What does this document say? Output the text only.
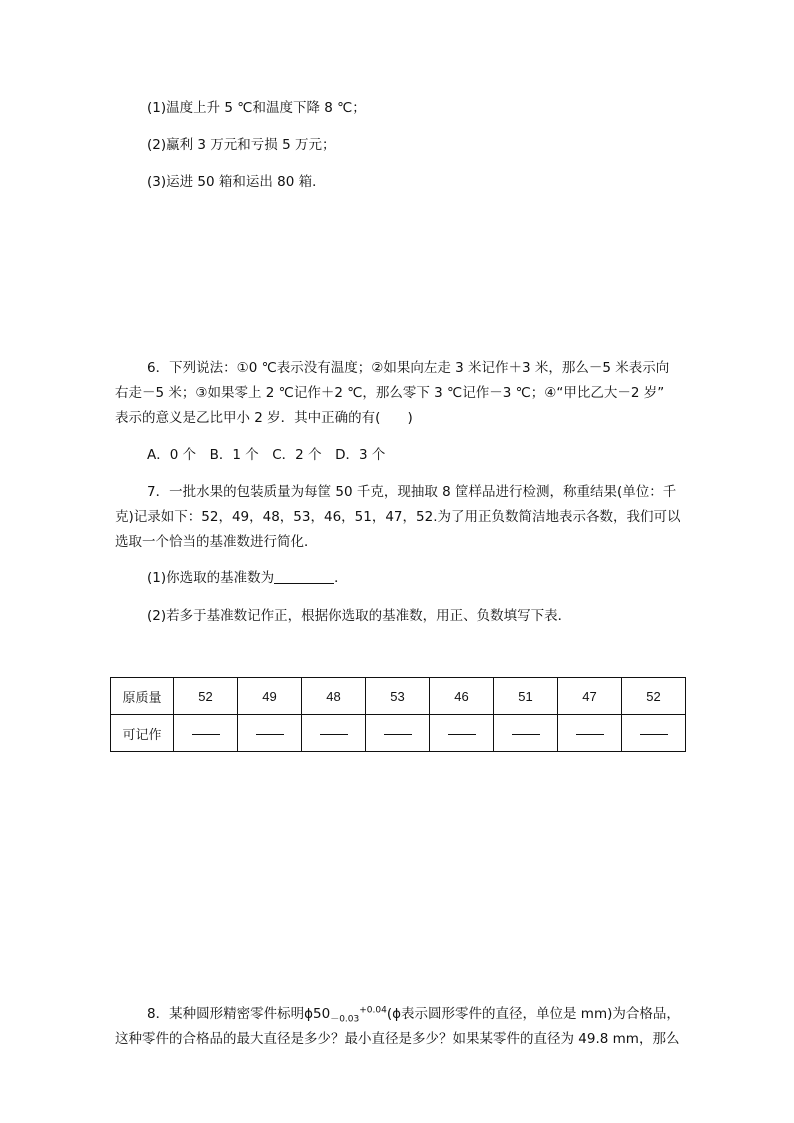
(1)温度上升 5 ℃和温度下降 8 ℃；
(2)赢利 3 万元和亏损 5 万元；
(3)运进 50 箱和运出 80 箱．
6．下列说法：①0 ℃表示没有温度；②如果向左走 3 米记作＋3 米，那么－5 米表示向
右走－5 米；③如果零上 2 ℃记作＋2 ℃，那么零下 3 ℃记作－3 ℃；④“甲比乙大－2 岁”
表示的意义是乙比甲小 2 岁．其中正确的有(　　)
A．0 个　B．1 个　C．2 个　D．3 个
7．一批水果的包装质量为每筐 50 千克，现抽取 8 筐样品进行检测，称重结果(单位：千
克)记录如下：52，49，48，53，46，51，47，52.为了用正负数简洁地表示各数，我们可以
选取一个恰当的基准数进行简化．
(1)你选取的基准数为	．
(2)若多于基准数记作正，根据你选取的基准数，用正、负数填写下表．
原质量	52	49	48	53	46	51	47	52
可记作								
8．某种圆形精密零件标明$\phi 50_{-0.03}^{+0.04}(\phi$表示圆形零件的直径，单位是 mm)为合格品，
这种零件的合格品的最大直径是多少？最小直径是多少？如果某零件的直径为 49.8 mm，那么
